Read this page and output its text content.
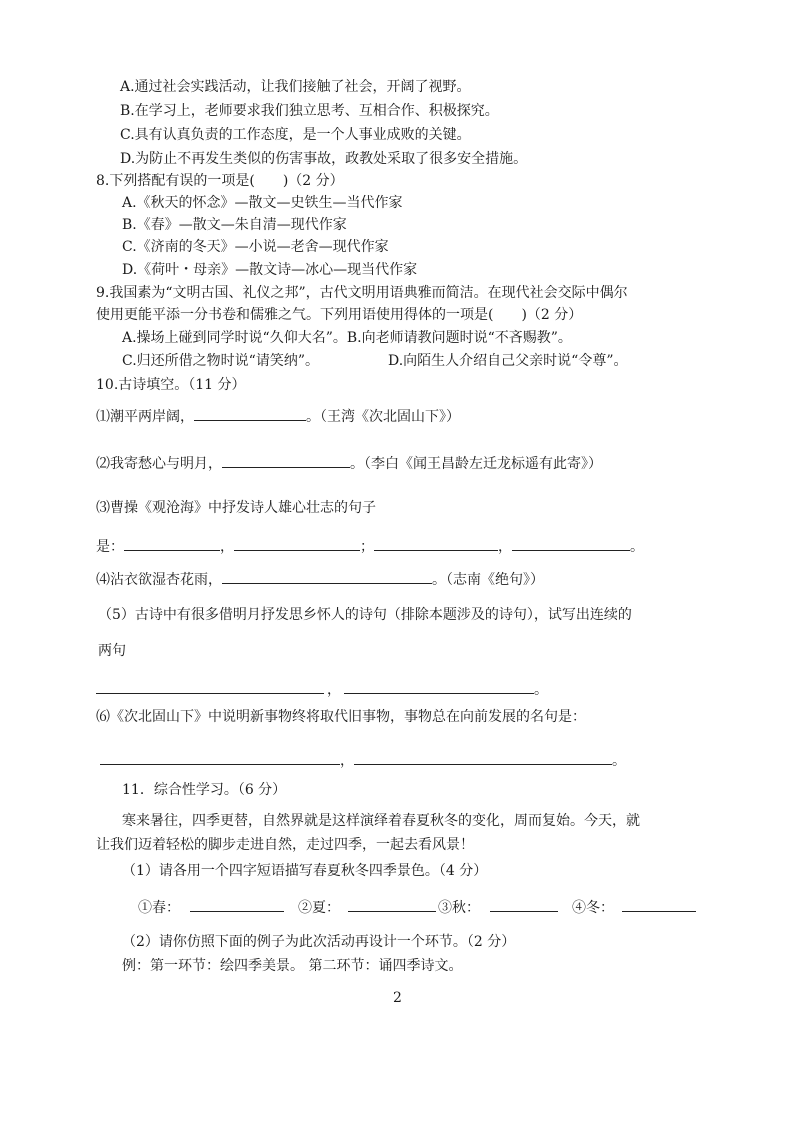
A.通过社会实践活动，让我们接触了社会，开阔了视野。
B.在学习上，老师要求我们独立思考、互相合作、积极探究。
C.具有认真负责的工作态度，是一个人事业成败的关键。
D.为防止不再发生类似的伤害事故，政教处采取了很多安全措施。
8.下列搭配有误的一项是( )（2 分）
A.《秋天的怀念》—散文—史铁生—当代作家
B.《春》—散文—朱自清—现代作家
C.《济南的冬天》—小说—老舍—现代作家
D.《荷叶・母亲》—散文诗—冰心—现当代作家
9.我国素为“文明古国、礼仪之邦”，古代文明用语典雅而简洁。在现代社会交际中偶尔
使用更能平添一分书卷和儒雅之气。下列用语使用得体的一项是( )（2 分）
A.操场上碰到同学时说“久仰大名”。B.向老师请教问题时说“不吝赐教”。
C.归还所借之物时说“请笑纳”。	D.向陌生人介绍自己父亲时说“令尊”。
10.古诗填空。（11 分）
⑴潮平两岸阔，	。（王湾《次北固山下》）
⑵我寄愁心与明月，	。（李白《闻王昌龄左迁龙标遥有此寄》）
⑶曹操《观沧海》中抒发诗人雄心壮志的句子
是：	，	；	，	。
⑷沾衣欲湿杏花雨，	。（志南《绝句》）
（5）古诗中有很多借明月抒发思乡怀人的诗句（排除本题涉及的诗句），试写出连续的
两句
，	。
⑹《次北固山下》中说明新事物终将取代旧事物，事物总在向前发展的名句是：
，	。
11．综合性学习。（6 分）
寒来暑往，四季更替，自然界就是这样演绎着春夏秋冬的变化，周而复始。今天，就
让我们迈着轻松的脚步走进自然，走过四季，一起去看风景！
（1）请各用一个四字短语描写春夏秋冬四季景色。（4 分）
①春：	②夏：	③秋：	④冬：
（2）请你仿照下面的例子为此次活动再设计一个环节。（2 分）
例：第一环节：绘四季美景。 第二环节：诵四季诗文。
2
